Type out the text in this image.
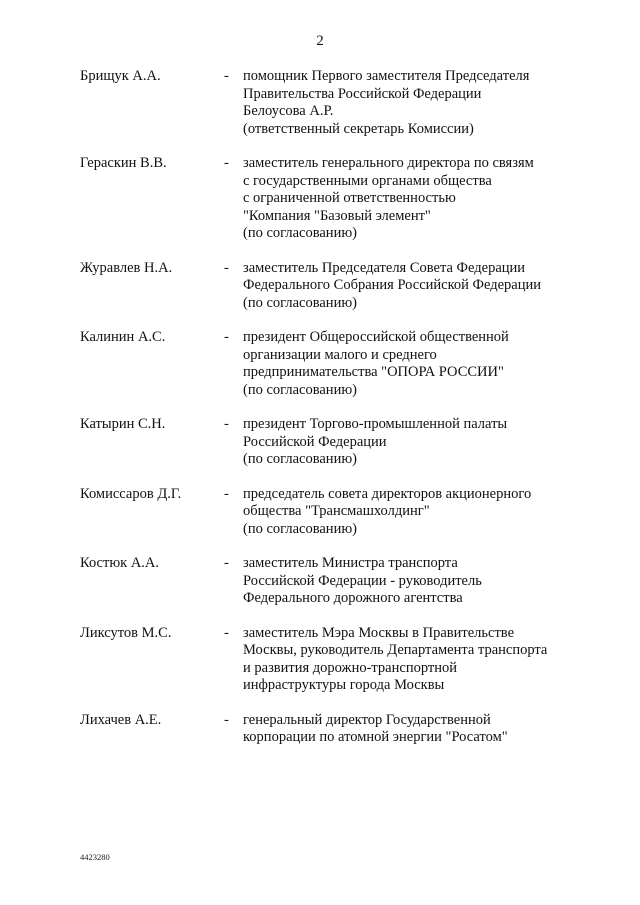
2
Брищук А.А.	- помощник Первого заместителя Председателя
Правительства Российской Федерации
Белоусова А.Р.
(ответственный секретарь Комиссии)
Гераскин В.В.	- заместитель генерального директора по связям
с государственными органами общества
с ограниченной ответственностью
"Компания "Базовый элемент"
(по согласованию)
Журавлев Н.А.	- заместитель Председателя Совета Федерации
Федерального Собрания Российской Федерации
(по согласованию)
Калинин А.С.	- президент Общероссийской общественной
организации малого и среднего
предпринимательства "ОПОРА РОССИИ"
(по согласованию)
Катырин С.Н.	- президент Торгово-промышленной палаты
Российской Федерации
(по согласованию)
Комиссаров Д.Г.	- председатель совета директоров акционерного
общества "Трансмашхолдинг"
(по согласованию)
Костюк А.А.	- заместитель Министра транспорта
Российской Федерации - руководитель
Федерального дорожного агентства
Ликсутов М.С.	- заместитель Мэра Москвы в Правительстве
Москвы, руководитель Департамента транспорта
и развития дорожно-транспортной
инфраструктуры города Москвы
Лихачев А.Е.	- генеральный директор Государственной
корпорации по атомной энергии "Росатом"
4423280
